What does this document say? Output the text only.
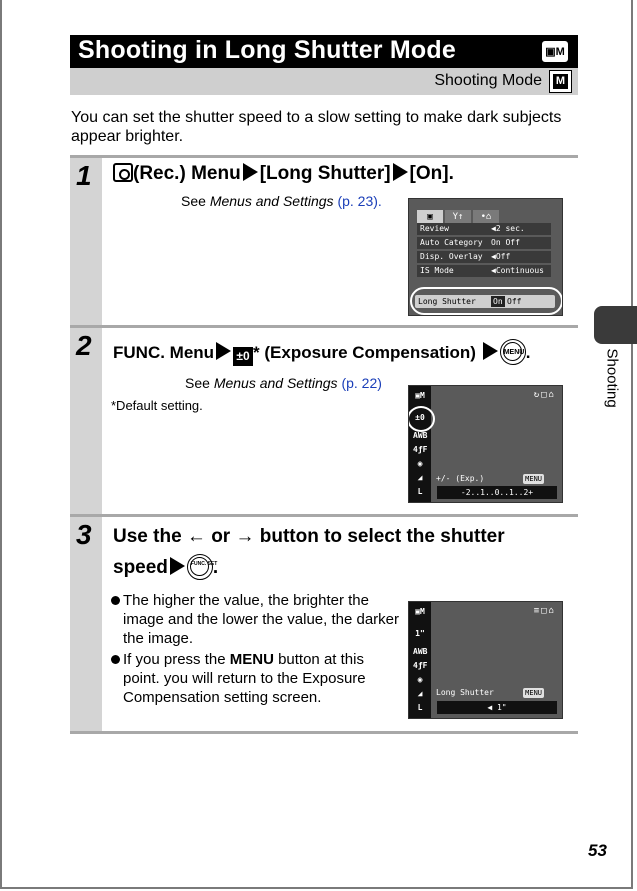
Shooting in Long Shutter Mode	▣M
Shooting Mode M
You can set the shutter speed to a slow setting to make dark subjects appear brighter.
1	(Rec.) Menu [Long Shutter] [On].
See Menus and Settings (p. 23).
▣ Y↑ •⌂
Review	◀2 sec.
Auto Category On Off
Disp. Overlay ◀Off
IS Mode	◀Continuous
Long Shutter On Off
2 FUNC. Menu ±0 * (Exposure Compensation)	MENU .
See Menus and Settings (p. 22)
*Default setting.
▣M
±0
AWB
4ƒF
◉
◢
L
↻□⌂
+/- (Exp.)	MENU
-2..1..0..1..2+
3 Use the ← or → button to select the shutter
speed	FUNC. SET
.
The higher the value, the brighter the image and the lower the value, the darker the image.
If you press the MENU button at this point. you will return to the Exposure Compensation setting screen.
▣M
1"
AWB
4ƒF
◉
◢
L
≡□⌂
Long Shutter	MENU
◀ 1"
Shooting
53
